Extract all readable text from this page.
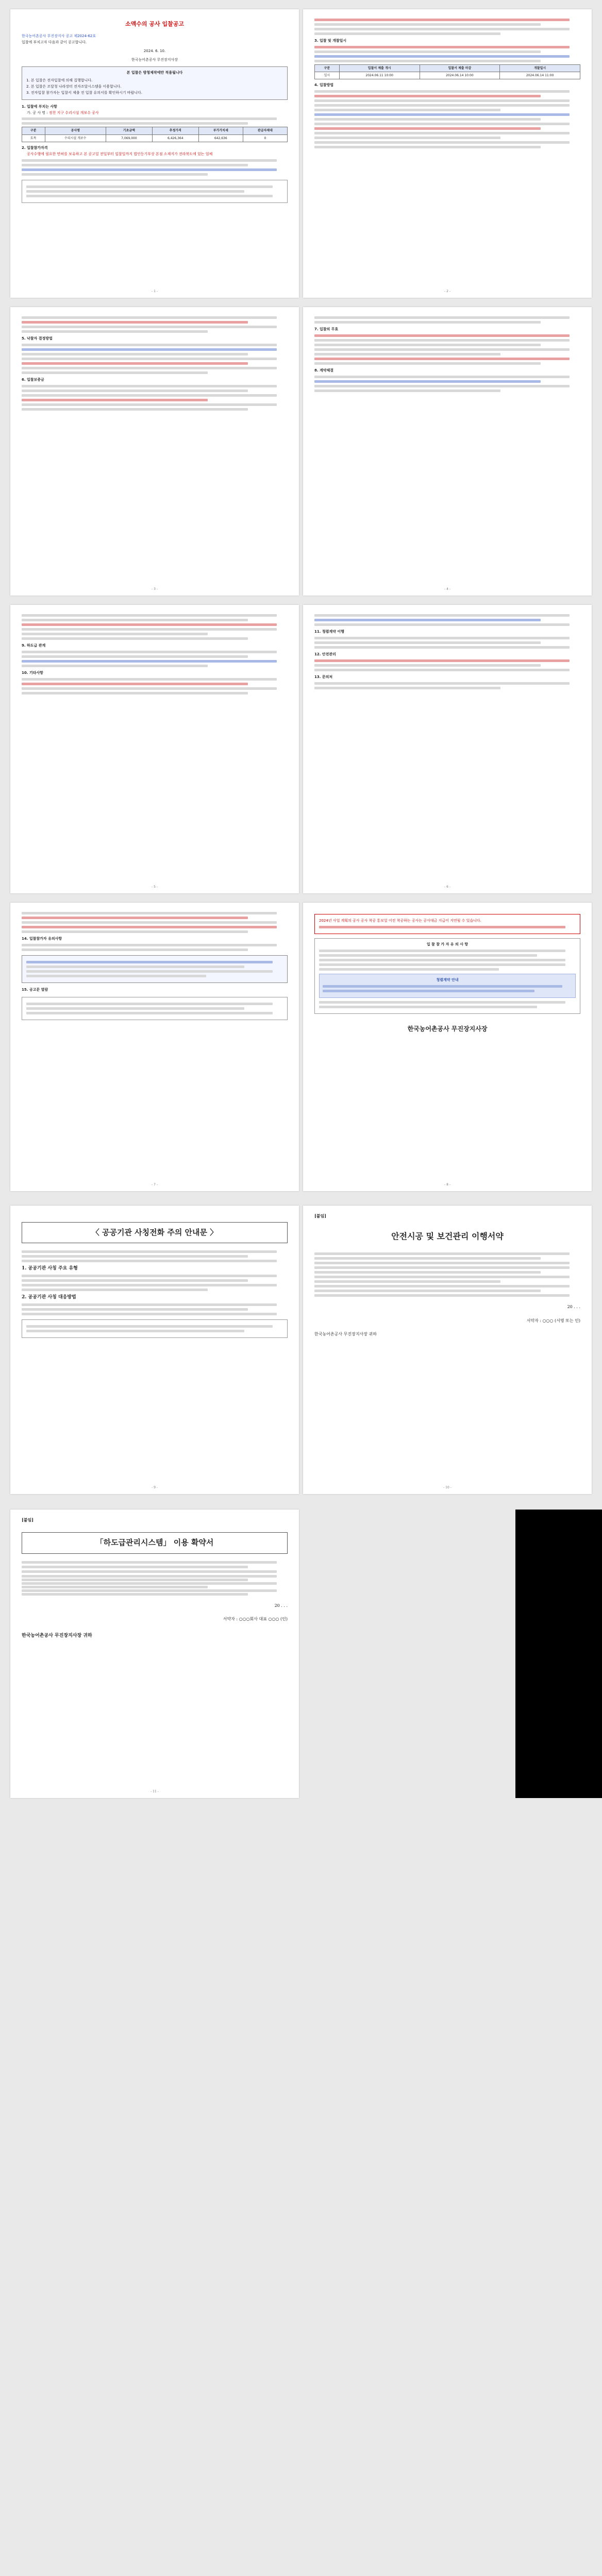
소액수의 공사 입찰공고
한국농어촌공사 무진장지사 공고 제2024-62호
입찰에 부치고자 다음과 같이 공고합니다.
2024. 6. 10.
한국농어촌공사 무진장지사장
본 입찰은 방청제작에만 적용됩니다
1. 본 입찰은 전자입찰에 의해 집행합니다.
2. 본 입찰은 조달청 나라장터 전자조달시스템을 이용합니다.
3. 전자입찰 참가자는 입찰서 제출 전 입찰 유의서를 확인하시기 바랍니다.
1. 입찰에 부치는 사항
가. 공 사 명 : 정천 지구 수리시설 개보수 공사
구분	공사명	기초금액	추정가격	부가가치세	관급자재대
토목	수리시설 개보수	7,069,000	6,426,364	642,636	0
2. 입찰참가자격
공사수행에 필요한 면허를 보유하고 본 공고일 전일부터 입찰일까지 법인등기부상 본점 소재지가 전라북도에 있는 업체
- 1 -
3. 입찰 및 개찰일시
구분	입찰서 제출 개시	입찰서 제출 마감	개찰일시
일시	2024.06.11 10:00	2024.06.14 10:00	2024.06.14 11:00
4. 입찰방법
- 2 -
5. 낙찰자 결정방법
6. 입찰보증금
- 3 -
7. 입찰의 무효
8. 계약체결
- 4 -
9. 하도급 관계
10. 기타사항
- 5 -
11. 청렴계약 이행
12. 안전관리
13. 문의처
- 6 -
14. 입찰참가자 유의사항
15. 공고문 열람
- 7 -
2024년 사업 계획의 공사 공사 착공 통보일 이전 착공하는 공사는 공사대금 지급이 지연될 수 있습니다.
입 찰 참 가 자 유 의 사 항
청렴계약 안내
한국농어촌공사 무진장지사장
- 8 -
〈 공공기관 사칭전화 주의 안내문 〉
1. 공공기관 사칭 주요 유형
2. 공공기관 사칭 대응방법
- 9 -
[붙임]
안전시공 및 보건관리 이행서약
20 . . .
서약자 : ○○○ (서명 또는 인)
한국농어촌공사 무진장지사장 귀하
- 10 -
[붙임]
「하도급관리시스템」 이용 확약서
20 . . .
서약자 : ○○○회사 대표 ○○○ (인)
한국농어촌공사 무진장지사장 귀하
- 11 -
